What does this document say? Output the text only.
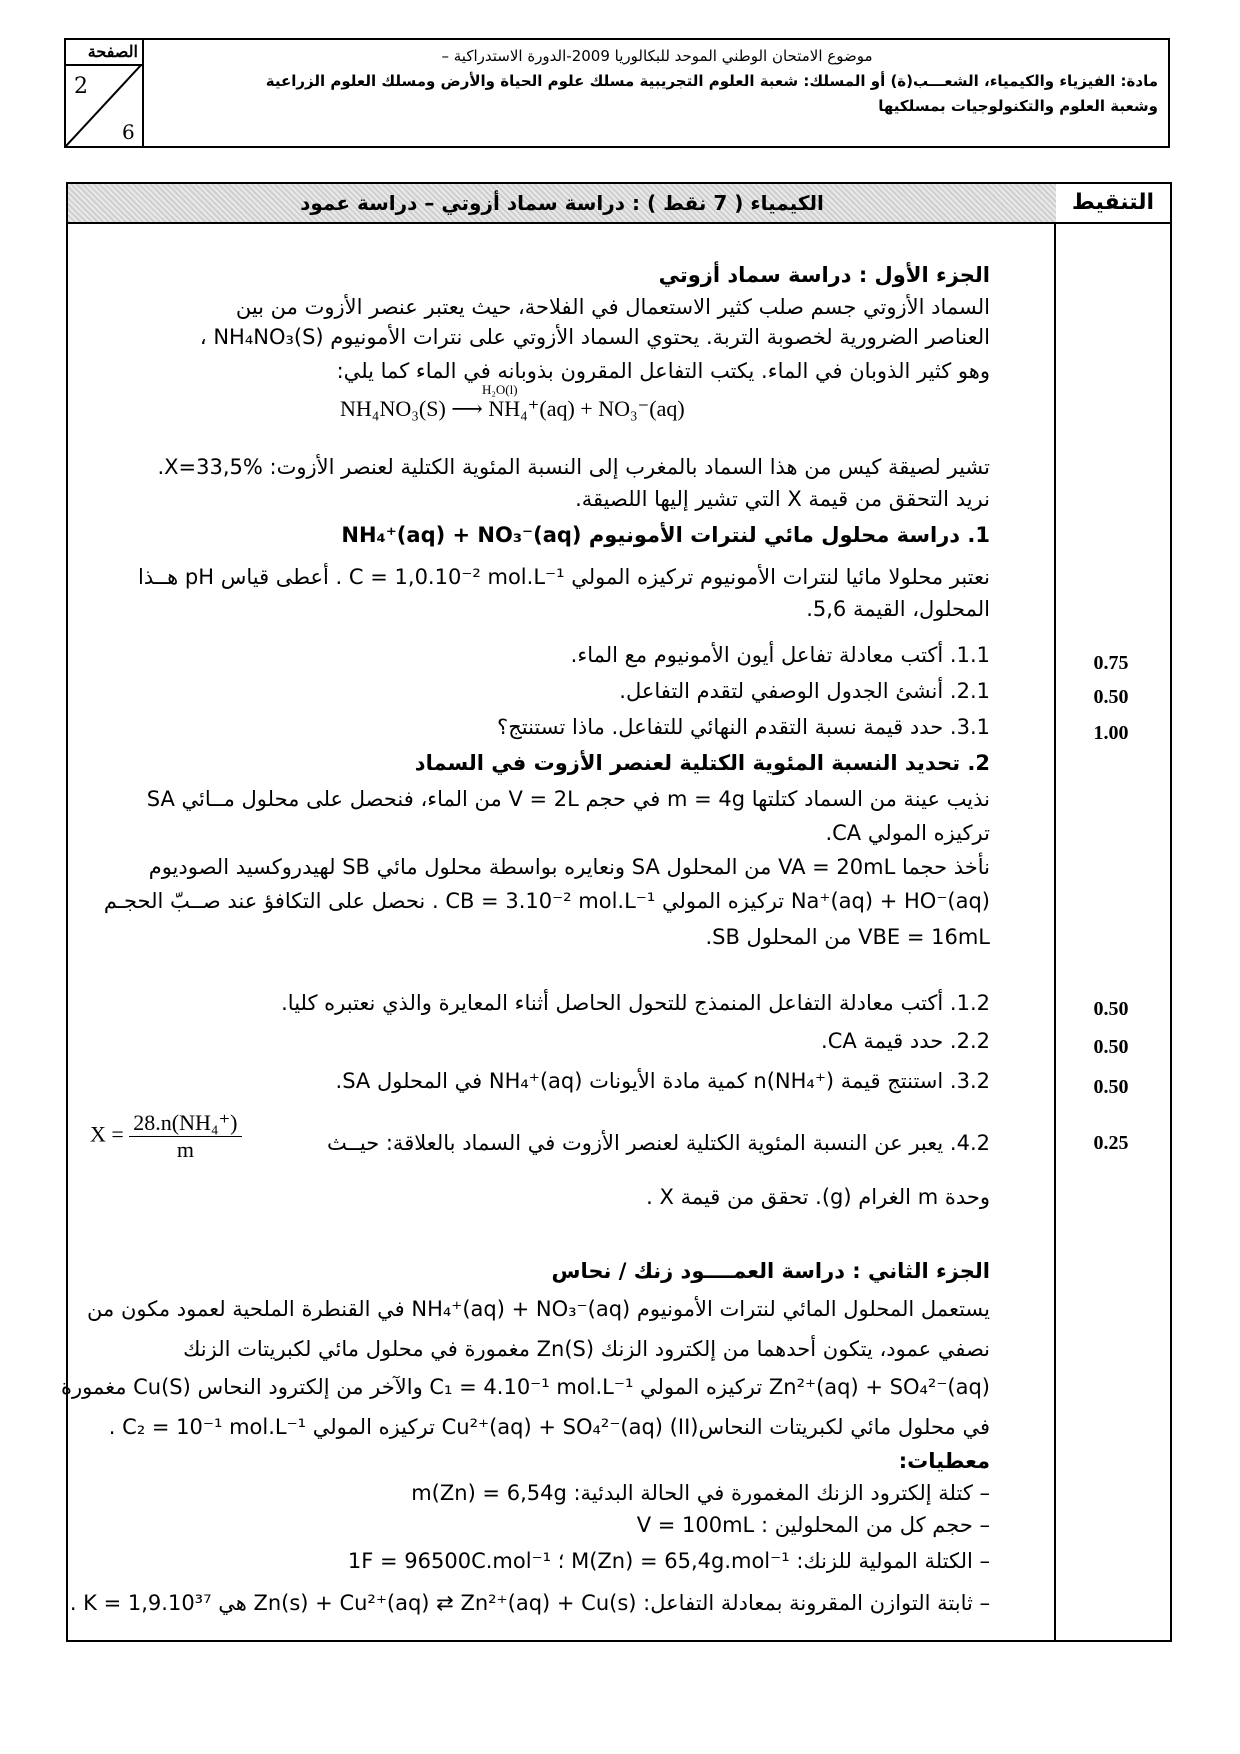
الصفحة
2
6
موضوع الامتحان الوطني الموحد للبكالوريا 2009-الدورة الاستدراكية –
مادة: الفيزياء والكيمياء، الشعـــب(ة) أو المسلك: شعبة العلوم التجريبية مسلك علوم الحياة والأرض ومسلك العلوم الزراعية
وشعبة العلوم والتكنولوجيات بمسلكيها
التنقيط
الكيمياء ( 7 نقط ) : دراسة سماد أزوتي – دراسة عمود
الجزء الأول : دراسة سماد أزوتي
السماد الأزوتي جسم صلب كثير الاستعمال في الفلاحة، حيث يعتبر عنصر الأزوت من بين
العناصر الضرورية لخصوبة التربة. يحتوي السماد الأزوتي على نترات الأمونيوم NH₄NO₃(S) ،
وهو كثير الذوبان في الماء. يكتب التفاعل المقرون بذوبانه في الماء كما يلي:
H₂O(l)
NH₄NO₃(S) ⟶ NH₄⁺(aq) + NO₃⁻(aq)
تشير لصيقة كيس من هذا السماد بالمغرب إلى النسبة المئوية الكتلية لعنصر الأزوت: X=33,5%.
نريد التحقق من قيمة X التي تشير إليها اللصيقة.
1. دراسة محلول مائي لنترات الأمونيوم NH₄⁺(aq) + NO₃⁻(aq)
نعتبر محلولا مائيا لنترات الأمونيوم تركيزه المولي C = 1,0.10⁻² mol.L⁻¹ . أعطى قياس pH هــذا
المحلول، القيمة 5,6.
1.1. أكتب معادلة تفاعل أيون الأمونيوم مع الماء.	0.75
2.1. أنشئ الجدول الوصفي لتقدم التفاعل.	0.50
3.1. حدد قيمة نسبة التقدم النهائي للتفاعل. ماذا تستنتج؟	1.00
2. تحديد النسبة المئوية الكتلية لعنصر الأزوت في السماد
نذيب عينة من السماد كتلتها m = 4g في حجم V = 2L من الماء، فنحصل على محلول مــائي SA
تركيزه المولي CA.
نأخذ حجما VA = 20mL من المحلول SA ونعايره بواسطة محلول مائي SB لهيدروكسيد الصوديوم
Na⁺(aq) + HO⁻(aq) تركيزه المولي CB = 3.10⁻² mol.L⁻¹ . نحصل على التكافؤ عند صــبّ الحجـم
VBE = 16mL من المحلول SB.
1.2. أكتب معادلة التفاعل المنمذج للتحول الحاصل أثناء المعايرة والذي نعتبره كليا.	0.50
2.2. حدد قيمة CA.	0.50
3.2. استنتج قيمة n(NH₄⁺) كمية مادة الأيونات NH₄⁺(aq) في المحلول SA.	0.50
4.2. يعبر عن النسبة المئوية الكتلية لعنصر الأزوت في السماد بالعلاقة: حيــث
$X = \frac{\text{28.n(NH₄⁺)}}{m}$	0.25
وحدة m الغرام (g). تحقق من قيمة X .
الجزء الثاني : دراسة العمــــود زنك / نحاس
يستعمل المحلول المائي لنترات الأمونيوم NH₄⁺(aq) + NO₃⁻(aq) في القنطرة الملحية لعمود مكون من
نصفي عمود، يتكون أحدهما من إلكترود الزنك Zn(S) مغمورة في محلول مائي لكبريتات الزنك
Zn²⁺(aq) + SO₄²⁻(aq) تركيزه المولي C₁ = 4.10⁻¹ mol.L⁻¹ والآخر من إلكترود النحاس Cu(S) مغمورة
في محلول مائي لكبريتات النحاس(II) Cu²⁺(aq) + SO₄²⁻(aq) تركيزه المولي C₂ = 10⁻¹ mol.L⁻¹ .
معطيات:
– كتلة إلكترود الزنك المغمورة في الحالة البدئية: m(Zn) = 6,54g
– حجم كل من المحلولين : V = 100mL
– الكتلة المولية للزنك: M(Zn) = 65,4g.mol⁻¹ ؛ 1F = 96500C.mol⁻¹
– ثابتة التوازن المقرونة بمعادلة التفاعل: Zn(s) + Cu²⁺(aq) ⇄ Zn²⁺(aq) + Cu(s) هي K = 1,9.10³⁷ .
